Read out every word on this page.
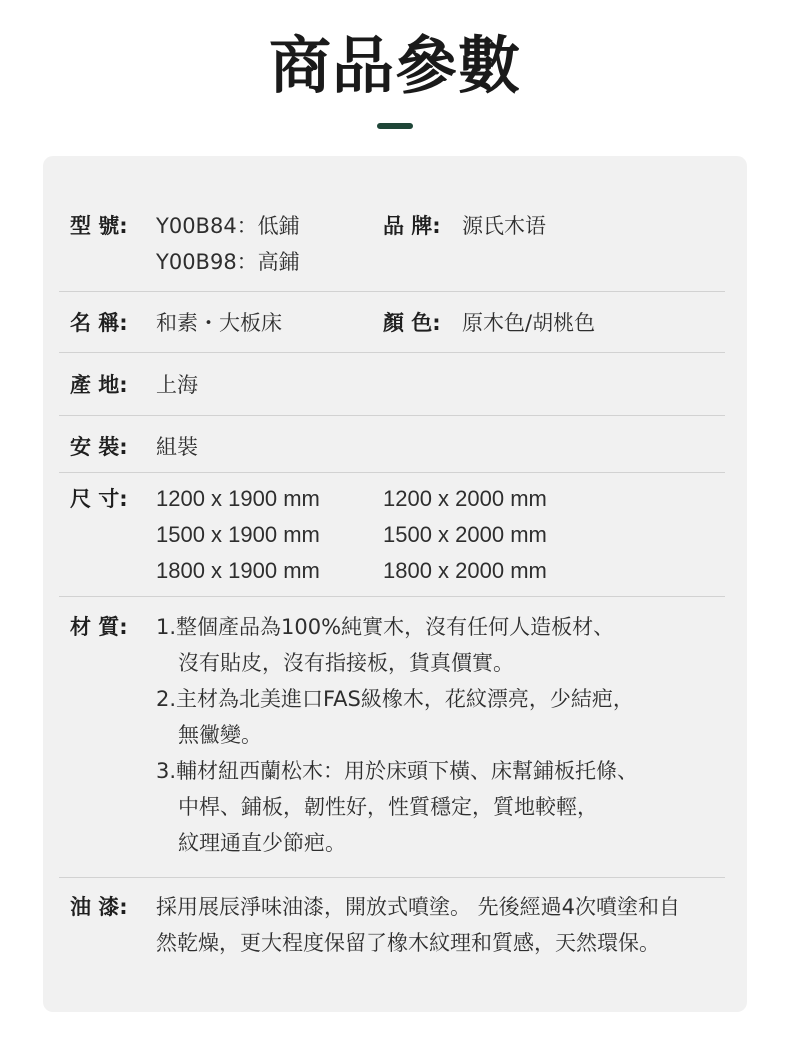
商品參數
型 號: Y00B84：低鋪
Y00B98：高鋪
品 牌: 源氏木语
名 稱: 和素・大板床	顏 色: 原木色/胡桃色
產 地: 上海
安 裝: 組裝
尺 寸: 1200 x 1900 mm
1500 x 1900 mm
1800 x 1900 mm
1200 x 2000 mm
1500 x 2000 mm
1800 x 2000 mm
材 質: 1.整個產品為100%純實木，沒有任何人造板材、
沒有貼皮，沒有指接板，貨真價實。
2.主材為北美進口FAS級橡木，花紋漂亮，少結疤，
無黴變。
3.輔材紐西蘭松木：用於床頭下橫、床幫鋪板托條、
中桿、鋪板，韌性好，性質穩定，質地較輕，
紋理通直少節疤。
油 漆: 採用展辰淨味油漆，開放式噴塗。 先後經過4次噴塗和自
然乾燥，更大程度保留了橡木紋理和質感，天然環保。
